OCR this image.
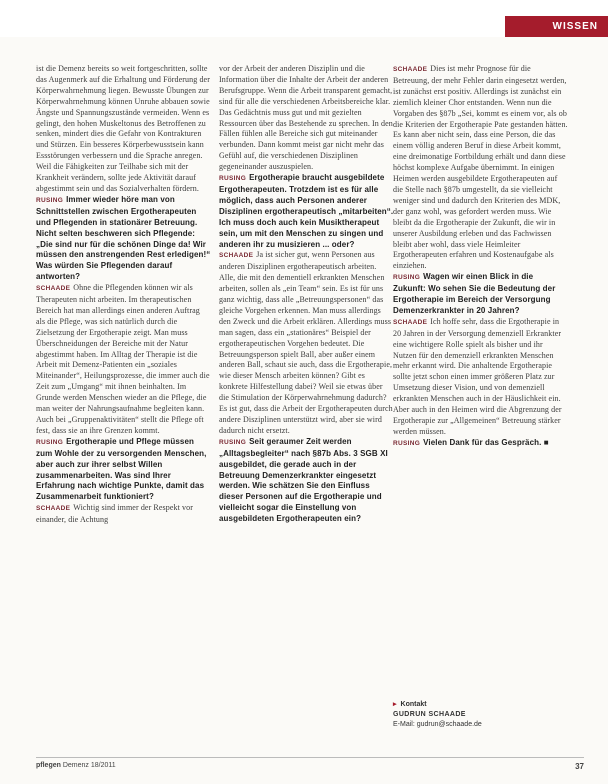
WISSEN

ist die Demenz bereits so weit fortgeschritten, sollte das Augenmerk auf die Erhaltung und Förderung der Körperwahrnehmung liegen. Bewusste Übungen zur Körperwahrnehmung können Unruhe abbauen sowie Ängste und Spannungszustände vermeiden. Wenn es gelingt, den hohen Muskeltonus des Betroffenen zu senken, mindert dies die Gefahr von Kontrakturen und Stürzen. Ein besseres Körperbewusstsein kann Essstörungen verbessern und die Sprache anregen. Weil die Fähigkeiten zur Teilhabe sich mit der Krankheit verändern, sollte jede Aktivität darauf abgestimmt sein und das Sozialverhalten fördern.

RUSING Immer wieder höre man von Schnittstellen zwischen Ergotherapeuten und Pflegenden in stationärer Betreuung. Nicht selten beschweren sich Pflegende: „Die sind nur für die schönen Dinge da! Wir müssen den anstrengenden Rest erledigen!“ Was würden Sie Pflegenden darauf antworten?

SCHAADE Ohne die Pflegenden können wir als Therapeuten nicht arbeiten. Im therapeutischen Bereich hat man allerdings einen anderen Auftrag als die Pflege, was sich natürlich durch die Zielsetzung der Ergotherapie zeigt. Man muss Überschneidungen der Bereiche mit der Natur abgestimmt haben. Im Alltag der Therapie ist die Arbeit mit Demenz-Patienten ein „soziales Miteinander“, Heilungsprozesse, die immer auch die Zeit zum „Umgang“ mit ihnen beinhalten. Im Grunde werden Menschen wieder an die Pflege, die man weiter der Nahrungsaufnahme begleiten kann. Auch bei „Gruppenaktivitäten“ stellt die Pflege oft fest, dass sie an ihre Grenzen kommt.

RUSING Ergotherapie und Pflege müssen zum Wohle der zu versorgenden Menschen, aber auch zur ihrer selbst Willen zusammenarbeiten. Was sind Ihrer Erfahrung nach wichtige Punkte, damit das Zusammenarbeit funktioniert?

SCHAADE Wichtig sind immer der Respekt vor einander, die Achtung

vor der Arbeit der anderen Disziplin und die Information über die Inhalte der Arbeit der anderen Berufsgruppe. Wenn die Arbeit transparent gemacht, sind für alle die verschiedenen Arbeitsbereiche klar. Das Gedächtnis muss gut und mit gezielten Ressourcen über das Bestehende zu sprechen. In den Fällen fühlen alle Bereiche sich gut miteinander verbunden. Dann kommt meist gar nicht mehr das Gefühl auf, die verschiedenen Disziplinen gegeneinander auszuspielen.

RUSING Ergotherapie braucht ausgebildete Ergotherapeuten. Trotzdem ist es für alle möglich, dass auch Personen anderer Disziplinen ergotherapeutisch „mitarbeiten“. Ich muss doch auch kein Musiktherapeut sein, um mit den Menschen zu singen und anderen ihr zu musizieren ... oder?

SCHAADE Ja ist sicher gut, wenn Personen aus anderen Disziplinen ergotherapeutisch arbeiten. Alle, die mit den dementiell erkrankten Menschen arbeiten, sollen als „ein Team“ sein. Es ist für uns ganz wichtig, dass alle „Betreuungspersonen“ das gleiche Vorgehen erkennen. Man muss allerdings den Zweck und die Arbeit erklären. Allerdings muss man sagen, dass ein „stationäres“ Beispiel der ergotherapeutischen Vorgehen bedeutet. Die Betreuungsperson spielt Ball, aber außer einem anderen Ball, schaut sie auch, dass die Ergotherapie, wie dieser Mensch arbeiten können? Gibt es konkrete Hilfestellung dabei? Weil sie etwas über die Stimulation der Körperwahrnehmung dadurch? Es ist gut, dass die Arbeit der Ergotherapeuten durch andere Disziplinen unterstützt wird, aber sie wird dadurch nicht ersetzt.

RUSING Seit geraumer Zeit werden „Alltagsbegleiter“ nach §87b Abs. 3 SGB XI ausgebildet, die gerade auch in der Betreuung Demenzerkrankter eingesetzt werden. Wie schätzen Sie den Einfluss dieser Personen auf die Ergotherapie und vielleicht sogar die Einstellung von ausgebildeten Ergotherapeuten ein?

SCHAADE Dies ist mehr Prognose für die Betreuung, der mehr Fehler darin eingesetzt werden, ist zunächst erst positiv. Allerdings ist zunächst ein ziemlich kleiner Chor entstanden. Wenn nun die Vorgaben des §87b „Sei, kommt es einem vor, als ob die Kriterien der Ergotherapie Pate gestanden hätten. Es kann aber nicht sein, dass eine Person, die das einem völlig anderen Beruf in diese Arbeit kommt, eine dreimonatige Fortbildung erhält und dann diese höchst komplexe Aufgabe übernimmt. In einigen Heimen werden ausgebildete Ergotherapeuten auf die Stelle nach §87b umgestellt, da sie vielleicht weniger sind und dadurch den Kriterien des MDK, der ganz wohl, was gefordert werden muss. Wie bleibt da die Ergotherapie der Zukunft, die wir in unserer Ausbildung erleben und das Fachwissen bleibt aber wohl, dass viele Heimleiter Ergotherapeuten erfahren und Kostenaufgabe als einziehen.

RUSING Wagen wir einen Blick in die Zukunft: Wo sehen Sie die Bedeutung der Ergotherapie im Bereich der Versorgung Demenzerkrankter in 20 Jahren?

SCHAADE Ich hoffe sehr, dass die Ergotherapie in 20 Jahren in der Versorgung demenziell Erkrankter eine wichtigere Rolle spielt als bisher und ihr Nutzen für den demenziell erkrankten Menschen mehr erkannt wird. Die anhaltende Ergotherapie sollte jetzt schon einen immer größeren Platz zur Umsetzung dieser Vision, und von demenziell erkrankten Menschen auch in der Häuslichkeit ein. Aber auch in den Heimen wird die Abgrenzung der Ergotherapie zur „Allgemeinen“ Betreuung stärker werden müssen.

RUSING Vielen Dank für das Gespräch. ■

▸ Kontakt
GUDRUN SCHAADE
E-Mail: gudrun@schaade.de
pflegen Demenz 18/2011	37
